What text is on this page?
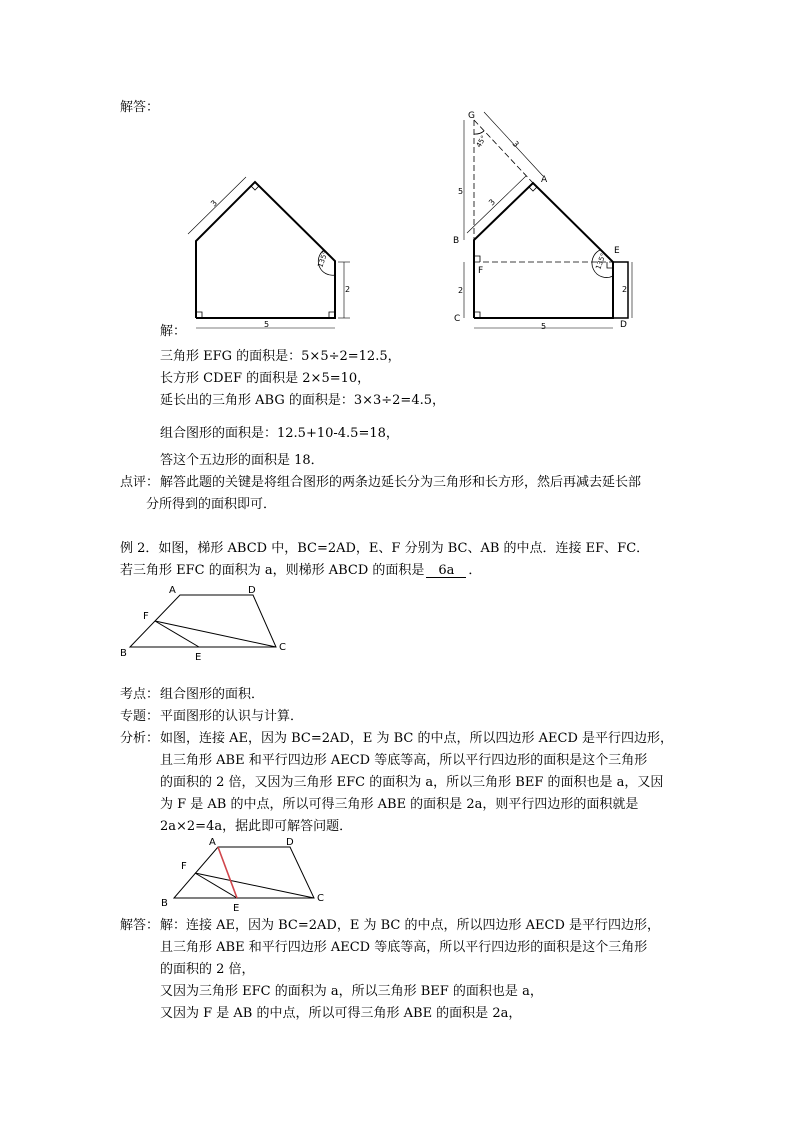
解答：
3
2
5
135°
G
A
B
F
C
E
D
45°
135°
3
3
5
2	2
5
解：
三角形 EFG 的面积是：5×5÷2=12.5，
长方形 CDEF 的面积是 2×5=10，
延长出的三角形 ABG 的面积是：3×3÷2=4.5，
组合图形的面积是：12.5+10-4.5=18，
答这个五边形的面积是 18．
点评： 解答此题的关键是将组合图形的两条边延长分为三角形和长方形，然后再减去延长部
分所得到的面积即可．
例 2．如图，梯形 ABCD 中，BC=2AD，E、F 分别为 BC、AB 的中点．连接 EF、FC．
若三角形 EFC 的面积为 a，则梯形 ABCD 的面积是 6a ．
A	D
F
B	E
C
考点： 组合图形的面积．
专题： 平面图形的认识与计算．
分析： 如图，连接 AE，因为 BC=2AD，E 为 BC 的中点，所以四边形 AECD 是平行四边形，
且三角形 ABE 和平行四边形 AECD 等底等高，所以平行四边形的面积是这个三角形
的面积的 2 倍，又因为三角形 EFC 的面积为 a，所以三角形 BEF 的面积也是 a，又因
为 F 是 AB 的中点，所以可得三角形 ABE 的面积是 2a，则平行四边形的面积就是
2a×2=4a，据此即可解答问题．
A	D
F
B	E
C
解答： 解：连接 AE，因为 BC=2AD，E 为 BC 的中点，所以四边形 AECD 是平行四边形，
且三角形 ABE 和平行四边形 AECD 等底等高，所以平行四边形的面积是这个三角形
的面积的 2 倍，
又因为三角形 EFC 的面积为 a，所以三角形 BEF 的面积也是 a，
又因为 F 是 AB 的中点，所以可得三角形 ABE 的面积是 2a，
